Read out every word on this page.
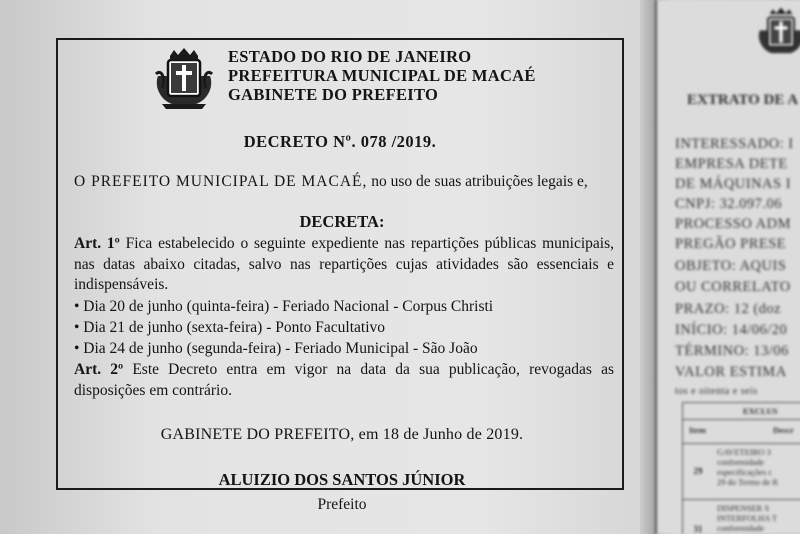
ESTADO DO RIO DE JANEIRO
PREFEITURA MUNICIPAL DE MACAÉ
GABINETE DO PREFEITO
DECRETO Nº. 078 /2019.
O PREFEITO MUNICIPAL DE MACAÉ, no uso de suas atribuições legais e,
DECRETA:
Art. 1º Fica estabelecido o seguinte expediente nas repartições públicas municipais, nas datas abaixo citadas, salvo nas repartições cujas atividades são essenciais e indispensáveis.
• Dia 20 de junho (quinta-feira) - Feriado Nacional - Corpus Christi
• Dia 21 de junho (sexta-feira) - Ponto Facultativo
• Dia 24 de junho (segunda-feira) - Feriado Municipal - São João
Art. 2º Este Decreto entra em vigor na data da sua publicação, revogadas as disposições em contrário.
GABINETE DO PREFEITO, em 18 de Junho de 2019.
ALUIZIO DOS SANTOS JÚNIOR
Prefeito
EXTRATO DE A
INTERESSADO: I
EMPRESA DETE
DE MÁQUINAS I
CNPJ: 32.097.06
PROCESSO ADM
PREGÃO PRESE
OBJETO: AQUIS
OU CORRELATO
PRAZO: 12 (doz
INÍCIO: 14/06/20
TÉRMINO: 13/06
VALOR ESTIMA
tos e oitenta e seis
EXCLUS
Item	Descr
29
GAVETEIRO 3
conformidade
especificações c
29 do Termo de R
31
DISPENSER S
INTERFOLHA T
conformidade
